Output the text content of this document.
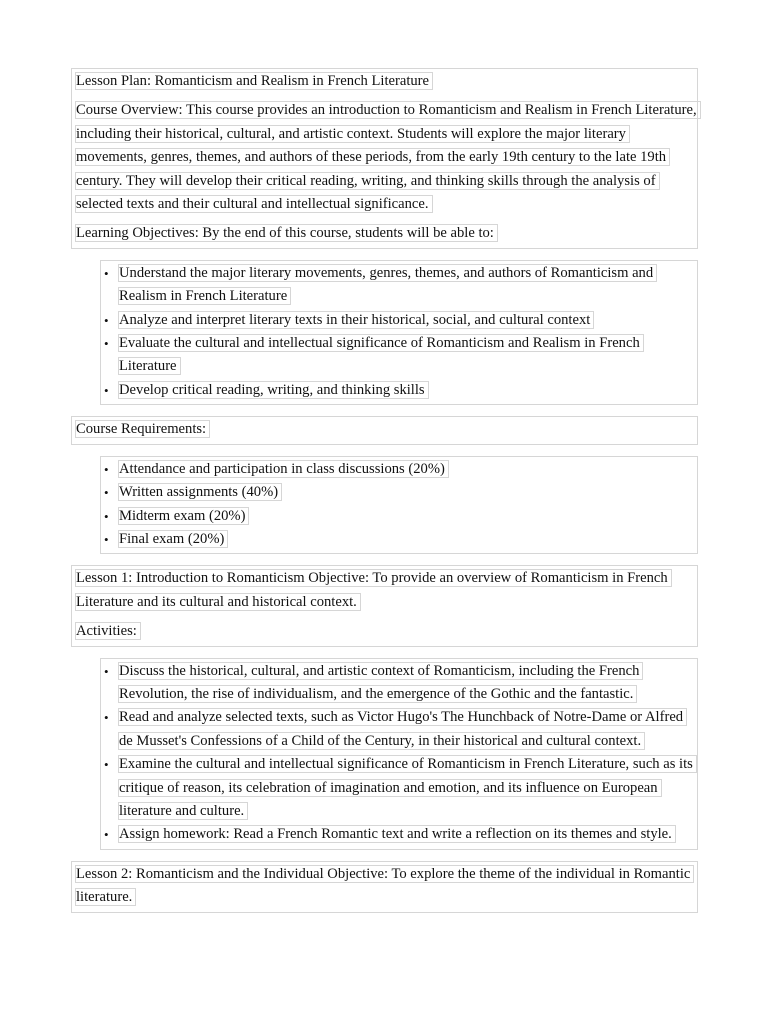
Lesson Plan: Romanticism and Realism in French Literature

Course Overview: This course provides an introduction to Romanticism and Realism in French Literature, including their historical, cultural, and artistic context. Students will explore the major literary movements, genres, themes, and authors of these periods, from the early 19th century to the late 19th century. They will develop their critical reading, writing, and thinking skills through the analysis of selected texts and their cultural and intellectual significance.

Learning Objectives: By the end of this course, students will be able to:

• Understand the major literary movements, genres, themes, and authors of Romanticism and Realism in French Literature
• Analyze and interpret literary texts in their historical, social, and cultural context
• Evaluate the cultural and intellectual significance of Romanticism and Realism in French Literature
• Develop critical reading, writing, and thinking skills

Course Requirements:

• Attendance and participation in class discussions (20%)
• Written assignments (40%)
• Midterm exam (20%)
• Final exam (20%)

Lesson 1: Introduction to Romanticism Objective: To provide an overview of Romanticism in French Literature and its cultural and historical context.

Activities:

• Discuss the historical, cultural, and artistic context of Romanticism, including the French Revolution, the rise of individualism, and the emergence of the Gothic and the fantastic.
• Read and analyze selected texts, such as Victor Hugo's The Hunchback of Notre-Dame or Alfred de Musset's Confessions of a Child of the Century, in their historical and cultural context.
• Examine the cultural and intellectual significance of Romanticism in French Literature, such as its critique of reason, its celebration of imagination and emotion, and its influence on European literature and culture.
• Assign homework: Read a French Romantic text and write a reflection on its themes and style.

Lesson 2: Romanticism and the Individual Objective: To explore the theme of the individual in Romantic literature.
